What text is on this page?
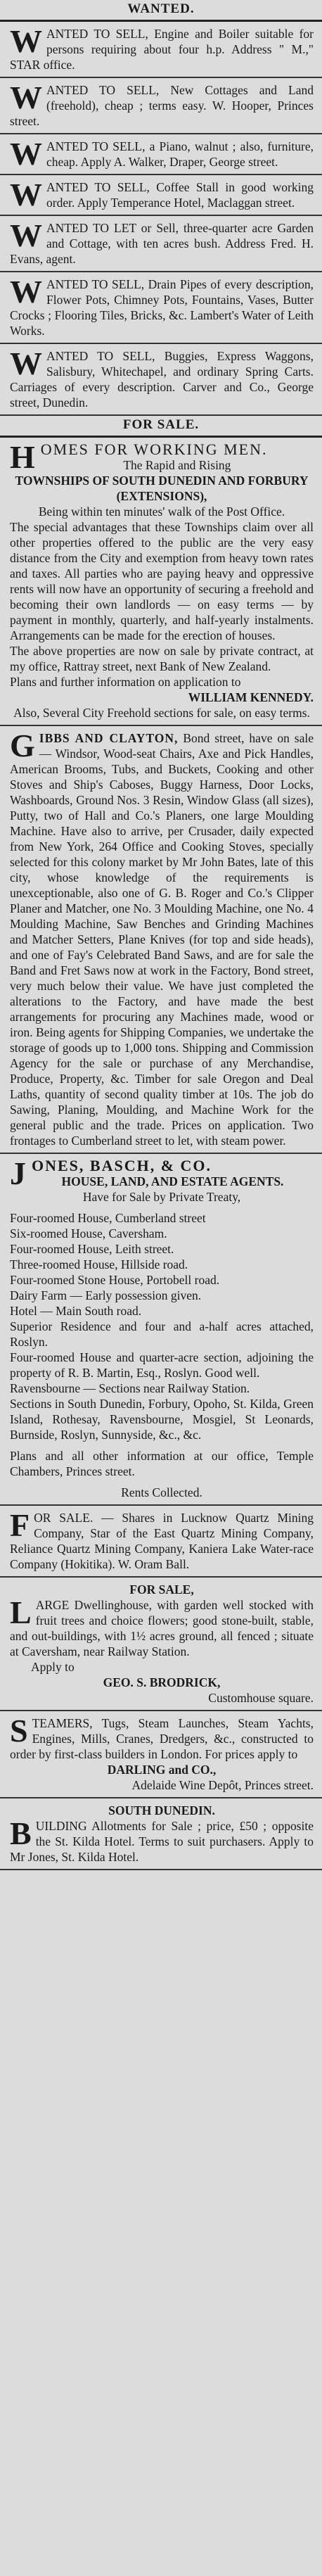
WANTED.
W ANTED TO SELL, Engine and Boiler suitable for persons requiring about four h.p. Address " M.," STAR office.

W ANTED TO SELL, New Cottages and Land (freehold), cheap ; terms easy. W. Hooper, Princes street.

W ANTED TO SELL, a Piano, walnut ; also, furniture, cheap. Apply A. Walker, Draper, George street.

W ANTED TO SELL, Coffee Stall in good working order. Apply Temperance Hotel, Maclaggan street.

W ANTED TO LET or Sell, three-quarter acre Garden and Cottage, with ten acres bush. Address Fred. H. Evans, agent.

W ANTED TO SELL, Drain Pipes of every description, Flower Pots, Chimney Pots, Fountains, Vases, Butter Crocks ; Flooring Tiles, Bricks, &c. Lambert's Water of Leith Works.

W ANTED TO SELL, Buggies, Express Waggons, Salisbury, Whitechapel, and ordinary Spring Carts. Carriages of every description. Carver and Co., George street, Dunedin.

FOR SALE.

HOMES FOR WORKING MEN.

The Rapid and Rising

TOWNSHIPS OF SOUTH DUNEDIN AND FORBURY (EXTENSIONS),

Being within ten minutes' walk of the Post Office.

The special advantages that these Townships claim over all other properties offered to the public are the very easy distance from the City and exemption from heavy town rates and taxes. All parties who are paying heavy and oppressive rents will now have an opportunity of securing a freehold and becoming their own landlords — on easy terms — by payment in monthly, quarterly, and half-yearly instalments. Arrangements can be made for the erection of houses.

The above properties are now on sale by private contract, at my office, Rattray street, next Bank of New Zealand.

Plans and further information on application to

WILLIAM KENNEDY.

Also, Several City Freehold sections for sale, on easy terms.

GIBBS AND CLAYTON, Bond street, have on sale — Windsor, Wood-seat Chairs, Axe and Pick Handles, American Brooms, Tubs, and Buckets, Cooking and other Stoves and Ship's Caboses, Buggy Harness, Door Locks, Washboards, Ground Nos. 3 Resin, Window Glass (all sizes), Putty, two of Hall and Co.'s Planers, one large Moulding Machine. Have also to arrive, per Crusader, daily expected from New York, 264 Office and Cooking Stoves, specially selected for this colony market by Mr John Bates, late of this city, whose knowledge of the requirements is unexceptionable, also one of G. B. Roger and Co.'s Clipper Planer and Matcher, one No. 3 Moulding Machine, one No. 4 Moulding Machine, Saw Benches and Grinding Machines and Matcher Setters, Plane Knives (for top and side heads), and one of Fay's Celebrated Band Saws, and are for sale the Band and Fret Saws now at work in the Factory, Bond street, very much below their value. We have just completed the alterations to the Factory, and have made the best arrangements for procuring any Machines made, wood or iron. Being agents for Shipping Companies, we undertake the storage of goods up to 1,000 tons. Shipping and Commission Agency for the sale or purchase of any Merchandise, Produce, Property, &c. Timber for sale Oregon and Deal Laths, quantity of second quality timber at 10s. The job do Sawing, Planing, Moulding, and Machine Work for the general public and the trade. Prices on application. Two frontages to Cumberland street to let, with steam power.

JONES, BASCH, & CO.

HOUSE, LAND, AND ESTATE AGENTS.

Have for Sale by Private Treaty,

Four-roomed House, Cumberland street

Six-roomed House, Caversham.

Four-roomed House, Leith street.

Three-roomed House, Hillside road.

Four-roomed Stone House, Portobell road.

Dairy Farm — Early possession given.

Hotel — Main South road.

Superior Residence and four and a-half acres attached, Roslyn.

Four-roomed House and quarter-acre section, adjoining the property of R. B. Martin, Esq., Roslyn. Good well.

Ravensbourne — Sections near Railway Station.

Sections in South Dunedin, Forbury, Opoho, St. Kilda, Green Island, Rothesay, Ravensbourne, Mosgiel, St Leonards, Burnside, Roslyn, Sunnyside, &c., &c.

Plans and all other information at our office, Temple Chambers, Princes street.

Rents Collected.

F OR SALE. — Shares in Lucknow Quartz Mining Company, Star of the East Quartz Mining Company, Reliance Quartz Mining Company, Kaniera Lake Water-race Company (Hokitika). W. Oram Ball.

FOR SALE,

L ARGE Dwellinghouse, with garden well stocked with fruit trees and choice flowers; good stone-built, stable, and out-buildings, with 1½ acres ground, all fenced ; situate at Caversham, near Railway Station.

Apply to

GEO. S. BRODRICK,

Customhouse square.

S TEAMERS, Tugs, Steam Launches, Steam Yachts, Engines, Mills, Cranes, Dredgers, &c., constructed to order by first-class builders in London. For prices apply to

DARLING and CO.,

Adelaide Wine Depôt, Princes street.

SOUTH DUNEDIN.

B UILDING Allotments for Sale ; price, £50 ; opposite the St. Kilda Hotel. Terms to suit purchasers. Apply to Mr Jones, St. Kilda Hotel.
